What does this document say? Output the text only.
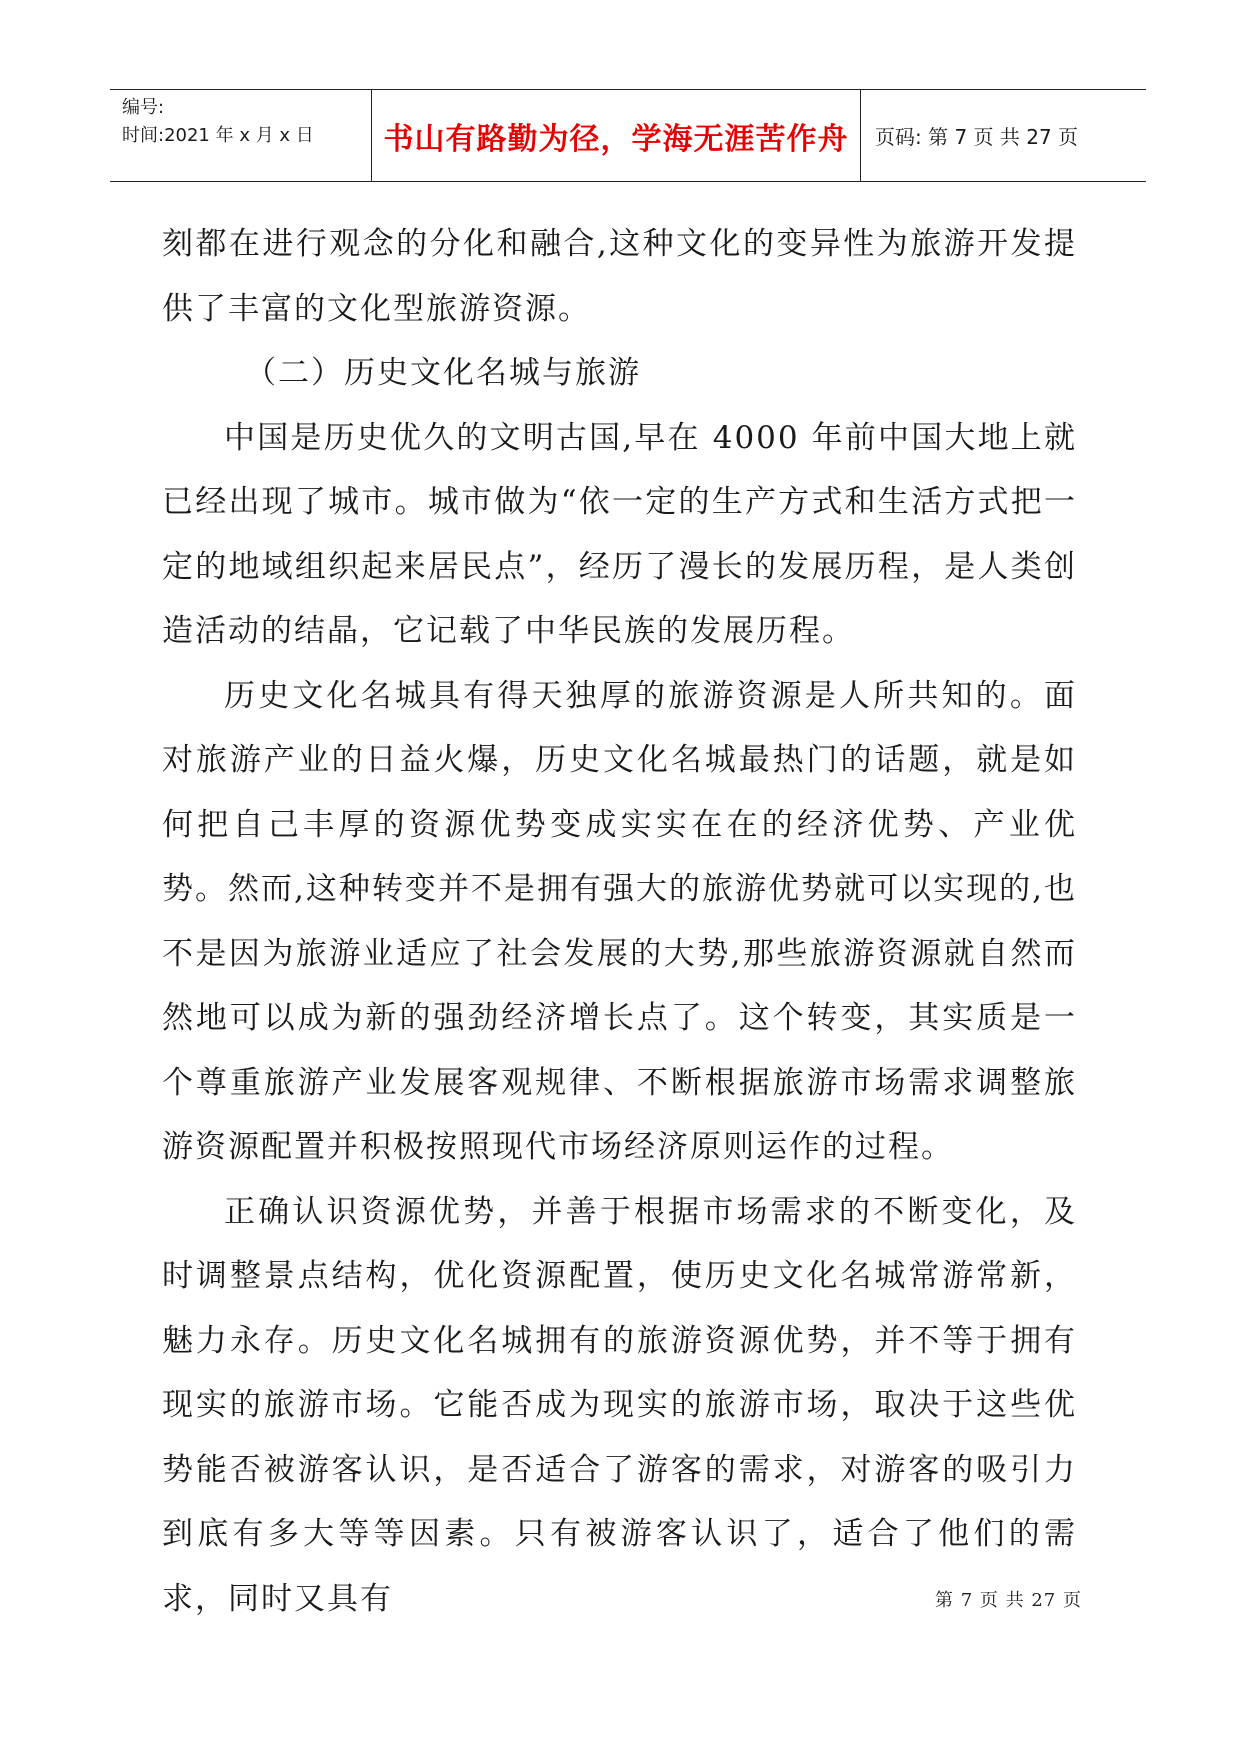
编号:
时间:2021 年 x 月 x 日	书山有路勤为径，学海无涯苦作舟 页码: 第 7 页 共 27 页

刻都在进行观念的分化和融合,这种文化的变异性为旅游开发提供了丰富的文化型旅游资源。

（二）历史文化名城与旅游

中国是历史优久的文明古国,早在 4000 年前中国大地上就已经出现了城市。城市做为“依一定的生产方式和生活方式把一定的地域组织起来居民点”，经历了漫长的发展历程，是人类创造活动的结晶，它记载了中华民族的发展历程。

历史文化名城具有得天独厚的旅游资源是人所共知的。面对旅游产业的日益火爆，历史文化名城最热门的话题，就是如何把自己丰厚的资源优势变成实实在在的经济优势、产业优势。然而,这种转变并不是拥有强大的旅游优势就可以实现的,也不是因为旅游业适应了社会发展的大势,那些旅游资源就自然而然地可以成为新的强劲经济增长点了。这个转变，其实质是一个尊重旅游产业发展客观规律、不断根据旅游市场需求调整旅游资源配置并积极按照现代市场经济原则运作的过程。

正确认识资源优势，并善于根据市场需求的不断变化，及时调整景点结构，优化资源配置，使历史文化名城常游常新，魅力永存。历史文化名城拥有的旅游资源优势，并不等于拥有现实的旅游市场。它能否成为现实的旅游市场，取决于这些优势能否被游客认识，是否适合了游客的需求，对游客的吸引力到底有多大等等因素。只有被游客认识了，适合了他们的需求，同时又具有	第 7 页 共 27 页
